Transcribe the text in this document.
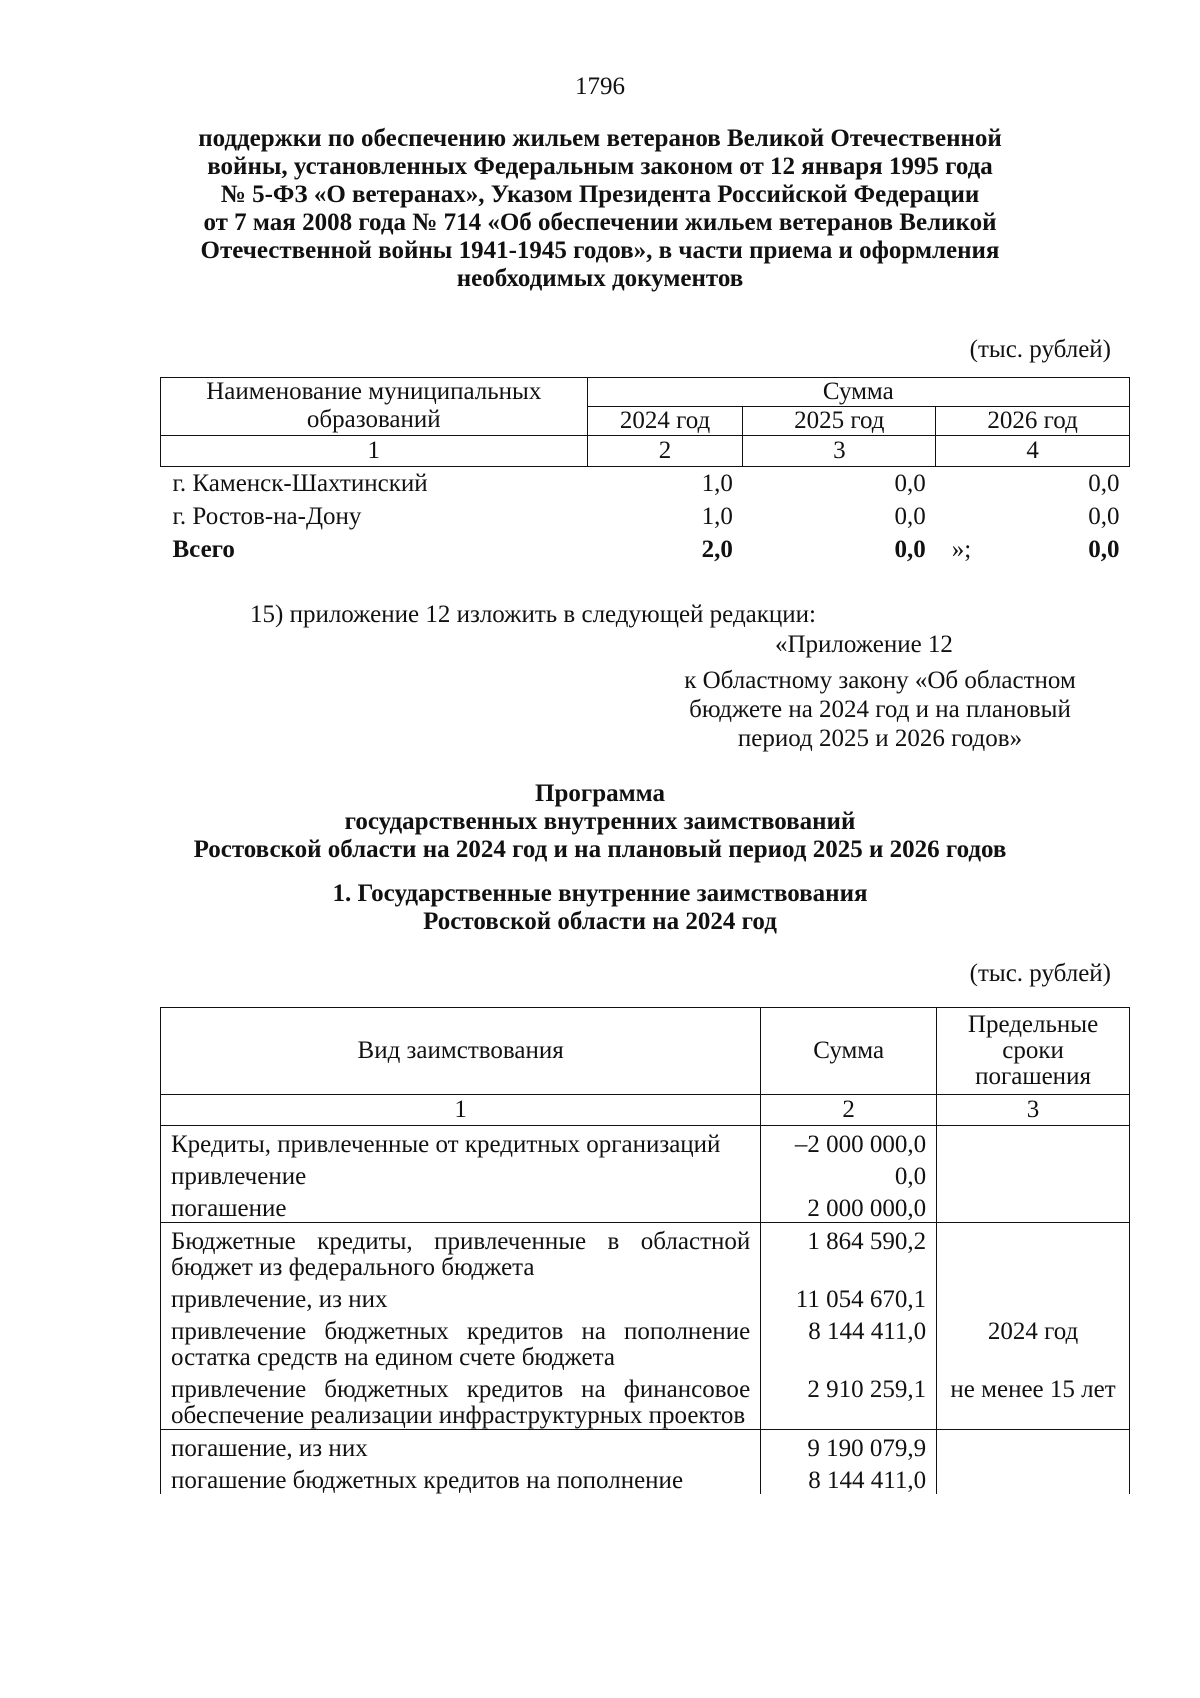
1796
поддержки по обеспечению жильем ветеранов Великой Отечественной
войны, установленных Федеральным законом от 12 января 1995 года
№ 5-ФЗ «О ветеранах», Указом Президента Российской Федерации
от 7 мая 2008 года № 714 «Об обеспечении жильем ветеранов Великой
Отечественной войны 1941-1945 годов», в части приема и оформления
необходимых документов
(тыс. рублей)
Наименование муниципальных образований	Сумма		
	2024 год	2025 год	2026 год
1	2	3	4
г. Каменск-Шахтинский	1,0	0,0	0,0
г. Ростов-на-Дону	1,0	0,0	0,0
Всего	2,0	0,0	0,0
»;
15) приложение 12 изложить в следующей редакции:
«Приложение 12
к Областному закону «Об областном
бюджете на 2024 год и на плановый
период 2025 и 2026 годов»
Программа
государственных внутренних заимствований
Ростовской области на 2024 год и на плановый период 2025 и 2026 годов
1. Государственные внутренние заимствования
Ростовской области на 2024 год
(тыс. рублей)
Вид заимствования	Сумма	Предельные сроки погашения
1	2	3
Кредиты, привлеченные от кредитных организаций	–2 000 000,0	
привлечение	0,0	
погашение	2 000 000,0	
Бюджетные кредиты, привлеченные в областной бюджет из федерального бюджета	1 864 590,2	
привлечение, из них	11 054 670,1	
привлечение бюджетных кредитов на пополнение остатка средств на едином счете бюджета	8 144 411,0	2024 год
привлечение бюджетных кредитов на финансовое обеспечение реализации инфраструктурных проектов	2 910 259,1	не менее 15 лет
погашение, из них	9 190 079,9	
погашение бюджетных кредитов на пополнение	8 144 411,0	
